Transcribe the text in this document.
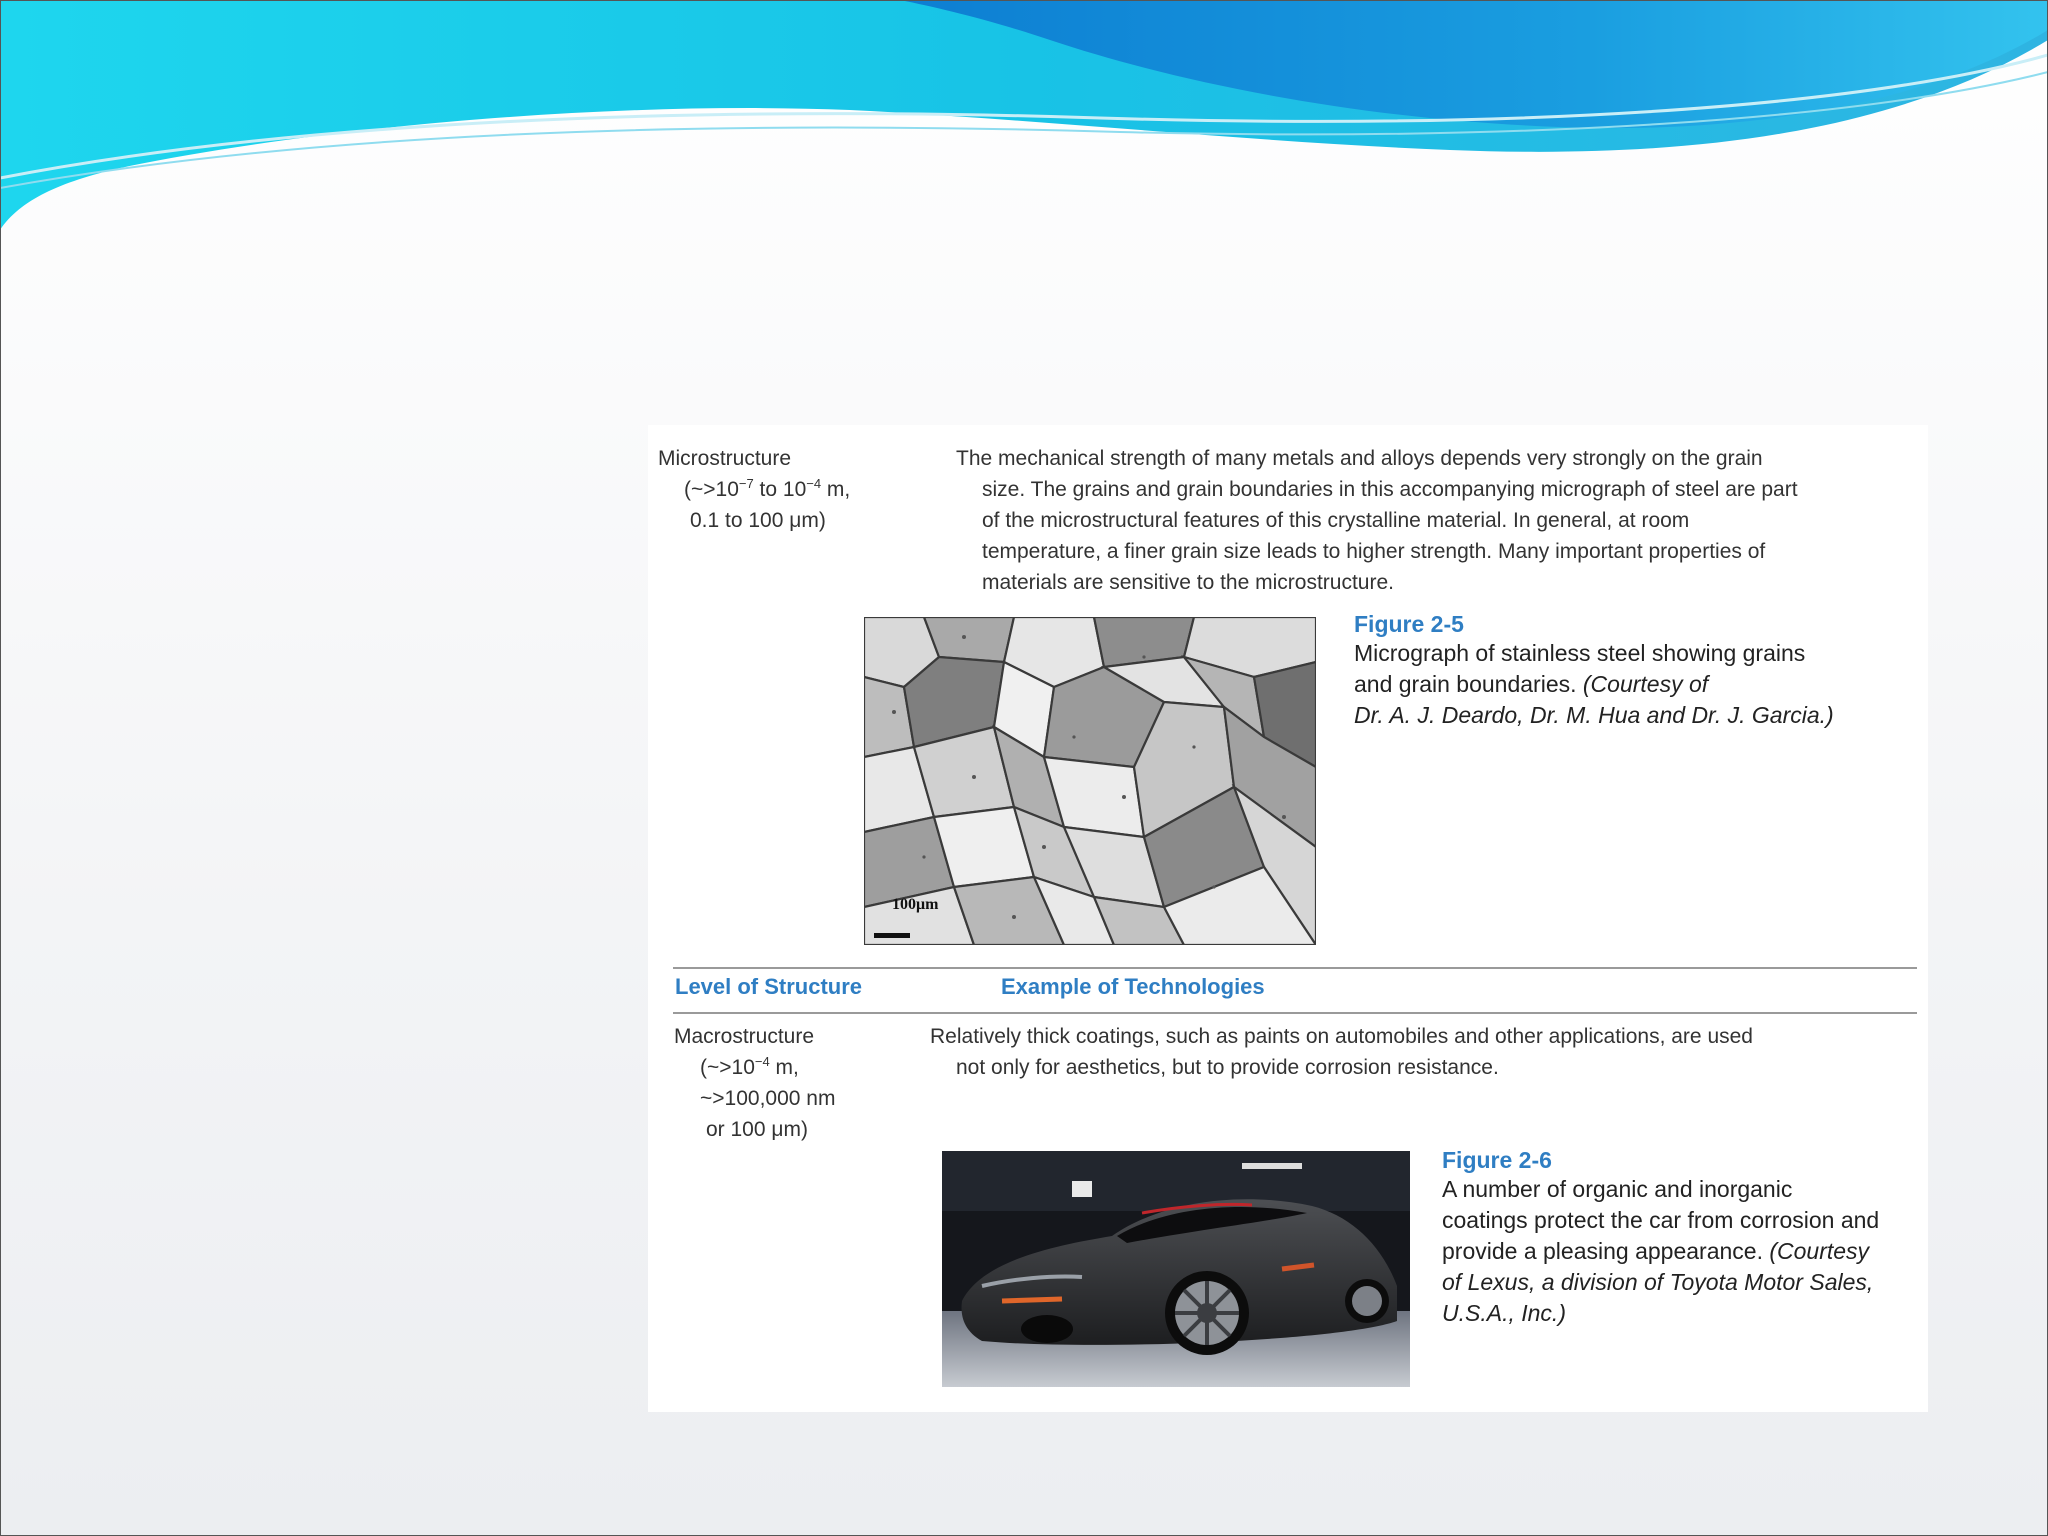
Microstructure
($\sim>10^{-7}$ to $10^{-4}$ m,
0.1 to 100 μm)
The mechanical strength of many metals and alloys depends very strongly on the grain
size. The grains and grain boundaries in this accompanying micrograph of steel are part
of the microstructural features of this crystalline material. In general, at room
temperature, a finer grain size leads to higher strength. Many important properties of
materials are sensitive to the microstructure.
100μm
Figure 2-5
Micrograph of stainless steel showing grains
and grain boundaries. (Courtesy of
Dr. A. J. Deardo, Dr. M. Hua and Dr. J. Garcia.)
Level of Structure	Example of Technologies
Macrostructure
($\sim>10^{-4}$ m,
~>100,000 nm
or 100 μm)
Relatively thick coatings, such as paints on automobiles and other applications, are used
not only for aesthetics, but to provide corrosion resistance.
Figure 2-6
A number of organic and inorganic
coatings protect the car from corrosion and
provide a pleasing appearance. (Courtesy
of Lexus, a division of Toyota Motor Sales,
U.S.A., Inc.)
